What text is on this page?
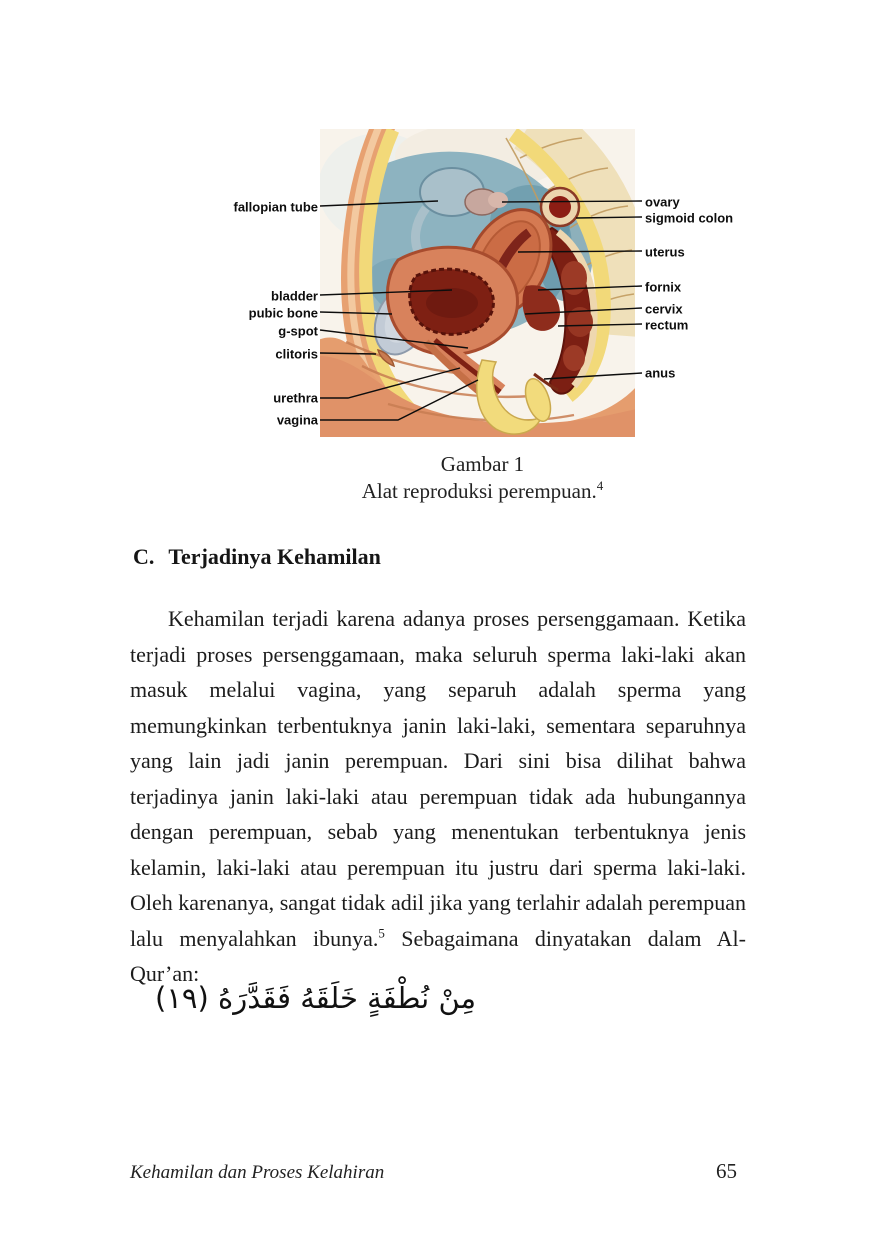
fallopian tube
bladder
pubic bone
g-spot
clitoris
urethra
vagina
ovary
sigmoid colon
uterus
fornix
cervix
rectum
anus
Gambar 1
Alat reproduksi perempuan.$^4$
C. Terjadinya Kehamilan

Kehamilan terjadi karena adanya proses persenggamaan. Ketika terjadi proses persenggamaan, maka seluruh sperma laki-laki akan masuk melalui vagina, yang separuh adalah sperma yang memungkinkan terbentuknya janin laki-laki, sementara separuhnya yang lain jadi janin perempuan. Dari sini bisa dilihat bahwa terjadinya janin laki-laki atau perempuan tidak ada hubungannya dengan perempuan, sebab yang menentukan terbentuknya jenis kelamin, laki-laki atau perempuan itu justru dari sperma laki-laki. Oleh karenanya, sangat tidak adil jika yang terlahir adalah perempuan lalu menyalahkan ibunya.$^5$ Sebagaimana dinyatakan dalam Al-Qur’an:

مِنْ نُطْفَةٍ خَلَقَهُ فَقَدَّرَهُ (١٩)
Kehamilan dan Proses Kelahiran	65
